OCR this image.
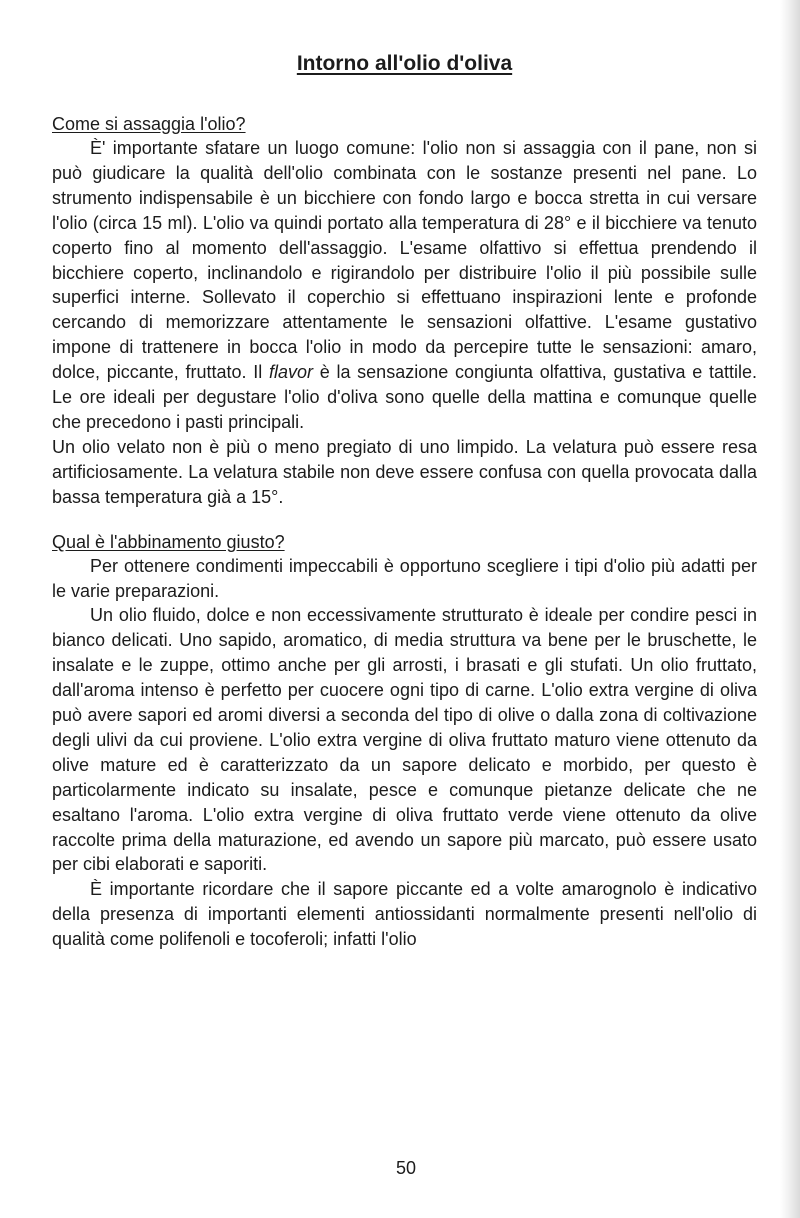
Intorno all'olio d'oliva
Come si assaggia l'olio?

È' importante sfatare un luogo comune: l'olio non si assaggia con il pane, non si può giudicare la qualità dell'olio combinata con le sostanze presenti nel pane. Lo strumento indispensabile è un bicchiere con fondo largo e bocca stretta in cui versare l'olio (circa 15 ml). L'olio va quindi portato alla temperatura di 28° e il bicchiere va tenuto coperto fino al momento dell'assaggio. L'esame olfattivo si effettua prendendo il bicchiere coperto, inclinandolo e rigirandolo per distribuire l'olio il più possibile sulle superfici interne. Sollevato il coperchio si effettuano inspirazioni lente e profonde cercando di memorizzare attentamente le sensazioni olfattive. L'esame gustativo impone di trattenere in bocca l'olio in modo da percepire tutte le sensazioni: amaro, dolce, piccante, fruttato. Il flavor è la sensazione congiunta olfattiva, gustativa e tattile. Le ore ideali per degustare l'olio d'oliva sono quelle della mattina e comunque quelle che precedono i pasti principali.

Un olio velato non è più o meno pregiato di uno limpido. La velatura può essere resa artificiosamente. La velatura stabile non deve essere confusa con quella provocata dalla bassa temperatura già a 15°.

Qual è l'abbinamento giusto?

Per ottenere condimenti impeccabili è opportuno scegliere i tipi d'olio più adatti per le varie preparazioni.

Un olio fluido, dolce e non eccessivamente strutturato è ideale per condire pesci in bianco delicati. Uno sapido, aromatico, di media struttura va bene per le bruschette, le insalate e le zuppe, ottimo anche per gli arrosti, i brasati e gli stufati. Un olio fruttato, dall'aroma intenso è perfetto per cuocere ogni tipo di carne. L'olio extra vergine di oliva può avere sapori ed aromi diversi a seconda del tipo di olive o dalla zona di coltivazione degli ulivi da cui proviene. L'olio extra vergine di oliva fruttato maturo viene ottenuto da olive mature ed è caratterizzato da un sapore delicato e morbido, per questo è particolarmente indicato su insalate, pesce e comunque pietanze delicate che ne esaltano l'aroma. L'olio extra vergine di oliva fruttato verde viene ottenuto da olive raccolte prima della maturazione, ed avendo un sapore più marcato, può essere usato per cibi elaborati e saporiti.

È importante ricordare che il sapore piccante ed a volte amarognolo è indicativo della presenza di importanti elementi antiossidanti normalmente presenti nell'olio di qualità come polifenoli e tocoferoli; infatti l'olio

50
